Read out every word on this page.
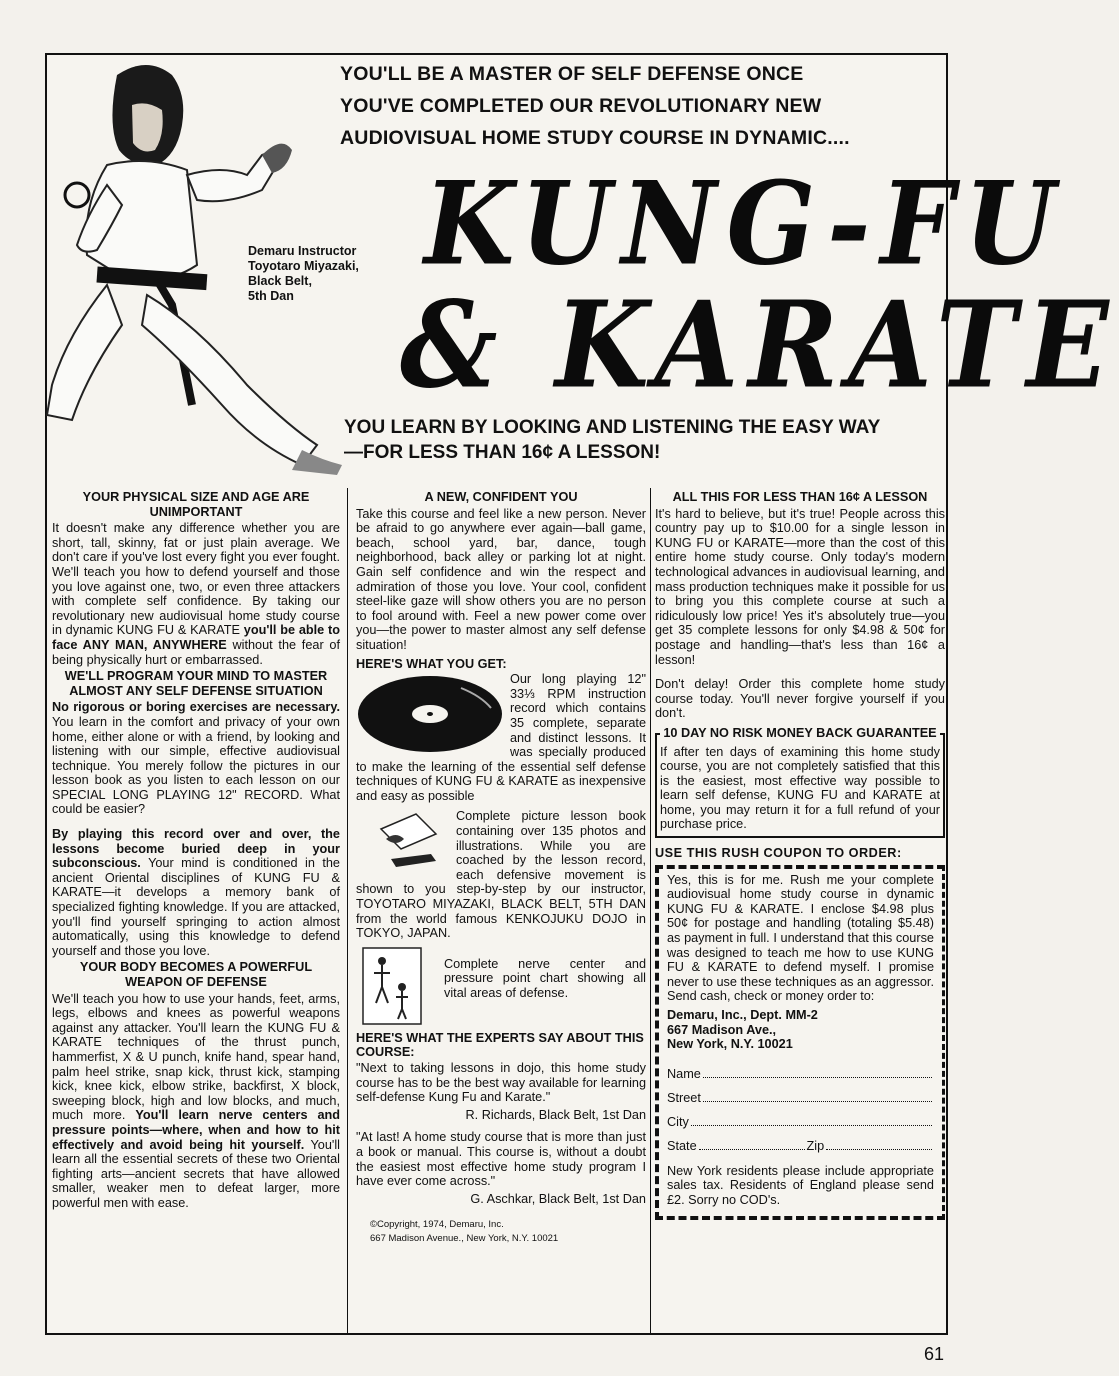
Demaru Instructor
Toyotaro Miyazaki,
Black Belt,
5th Dan
YOU'LL BE A MASTER OF SELF DEFENSE ONCE
YOU'VE COMPLETED OUR REVOLUTIONARY NEW
AUDIOVISUAL HOME STUDY COURSE IN DYNAMIC....
KUNG-FU
& KARATE
YOU LEARN BY LOOKING AND LISTENING THE EASY WAY
—FOR LESS THAN 16¢ A LESSON!
YOUR PHYSICAL SIZE AND AGE ARE UNIMPORTANT

It doesn't make any difference whether you are short, tall, skinny, fat or just plain average. We don't care if you've lost every fight you ever fought. We'll teach you how to defend yourself and those you love against one, two, or even three attackers with complete self confidence. By taking our revolutionary new audiovisual home study course in dynamic KUNG FU & KARATE you'll be able to face ANY MAN, ANYWHERE without the fear of being physically hurt or embarrassed.

WE'LL PROGRAM YOUR MIND TO MASTER ALMOST ANY SELF DEFENSE SITUATION

No rigorous or boring exercises are necessary. You learn in the comfort and privacy of your own home, either alone or with a friend, by looking and listening with our simple, effective audiovisual technique. You merely follow the pictures in our lesson book as you listen to each lesson on our SPECIAL LONG PLAYING 12" RECORD. What could be easier?

By playing this record over and over, the lessons become buried deep in your subconscious. Your mind is conditioned in the ancient Oriental disciplines of KUNG FU & KARATE—it develops a memory bank of specialized fighting knowledge. If you are attacked, you'll find yourself springing to action almost automatically, using this knowledge to defend yourself and those you love.

YOUR BODY BECOMES A POWERFUL WEAPON OF DEFENSE

We'll teach you how to use your hands, feet, arms, legs, elbows and knees as powerful weapons against any attacker. You'll learn the KUNG FU & KARATE techniques of the thrust punch, hammerfist, X & U punch, knife hand, spear hand, palm heel strike, snap kick, thrust kick, stamping kick, knee kick, elbow strike, backfirst, X block, sweeping block, high and low blocks, and much, much more. You'll learn nerve centers and pressure points—where, when and how to hit effectively and avoid being hit yourself. You'll learn all the essential secrets of these two Oriental fighting arts—ancient secrets that have allowed smaller, weaker men to defeat larger, more powerful men with ease.

A NEW, CONFIDENT YOU

Take this course and feel like a new person. Never be afraid to go anywhere ever again—ball game, beach, school yard, bar, dance, tough neighborhood, back alley or parking lot at night. Gain self confidence and win the respect and admiration of those you love. Your cool, confident steel-like gaze will show others you are no person to fool around with. Feel a new power come over you—the power to master almost any self defense situation!

HERE'S WHAT YOU GET:

Our long playing 12" 33⅓ RPM instruction record which contains 35 complete, separate and distinct lessons. It was specially produced to make the learning of the essential self defense techniques of KUNG FU & KARATE as inexpensive and easy as possible

Complete picture lesson book containing over 135 photos and illustrations. While you are coached by the lesson record, each defensive movement is shown to you step-by-step by our instructor, TOYOTARO MIYAZAKI, BLACK BELT, 5TH DAN from the world famous KENKOJUKU DOJO in TOKYO, JAPAN.

Complete nerve center and pressure point chart showing all vital areas of defense.

HERE'S WHAT THE EXPERTS SAY ABOUT THIS COURSE:

"Next to taking lessons in dojo, this home study course has to be the best way available for learning self-defense Kung Fu and Karate."

R. Richards, Black Belt, 1st Dan

"At last! A home study course that is more than just a book or manual. This course is, without a doubt the easiest most effective home study program I have ever come across."

G. Aschkar, Black Belt, 1st Dan

©Copyright, 1974, Demaru, Inc.
667 Madison Avenue., New York, N.Y. 10021
ALL THIS FOR LESS THAN 16¢ A LESSON

It's hard to believe, but it's true! People across this country pay up to $10.00 for a single lesson in KUNG FU or KARATE—more than the cost of this entire home study course. Only today's modern technological advances in audiovisual learning, and mass production techniques make it possible for us to bring you this complete course at such a ridiculously low price! Yes it's absolutely true—you get 35 complete lessons for only $4.98 & 50¢ for postage and handling—that's less than 16¢ a lesson!

Don't delay! Order this complete home study course today. You'll never forgive yourself if you don't.

10 DAY NO RISK MONEY BACK GUARANTEE

If after ten days of examining this home study course, you are not completely satisfied that this is the easiest, most effective way possible to learn self defense, KUNG FU and KARATE at home, you may return it for a full refund of your purchase price.

USE THIS RUSH COUPON TO ORDER:

Yes, this is for me. Rush me your complete audiovisual home study course in dynamic KUNG FU & KARATE. I enclose $4.98 plus 50¢ for postage and handling (totaling $5.48) as payment in full. I understand that this course was designed to teach me how to use KUNG FU & KARATE to defend myself. I promise never to use these techniques as an aggressor. Send cash, check or money order to:

Demaru, Inc., Dept. MM-2
667 Madison Ave.,
New York, N.Y. 10021
Name
Street
City
State	Zip

New York residents please include appropriate sales tax. Residents of England please send £2. Sorry no COD's.

61
